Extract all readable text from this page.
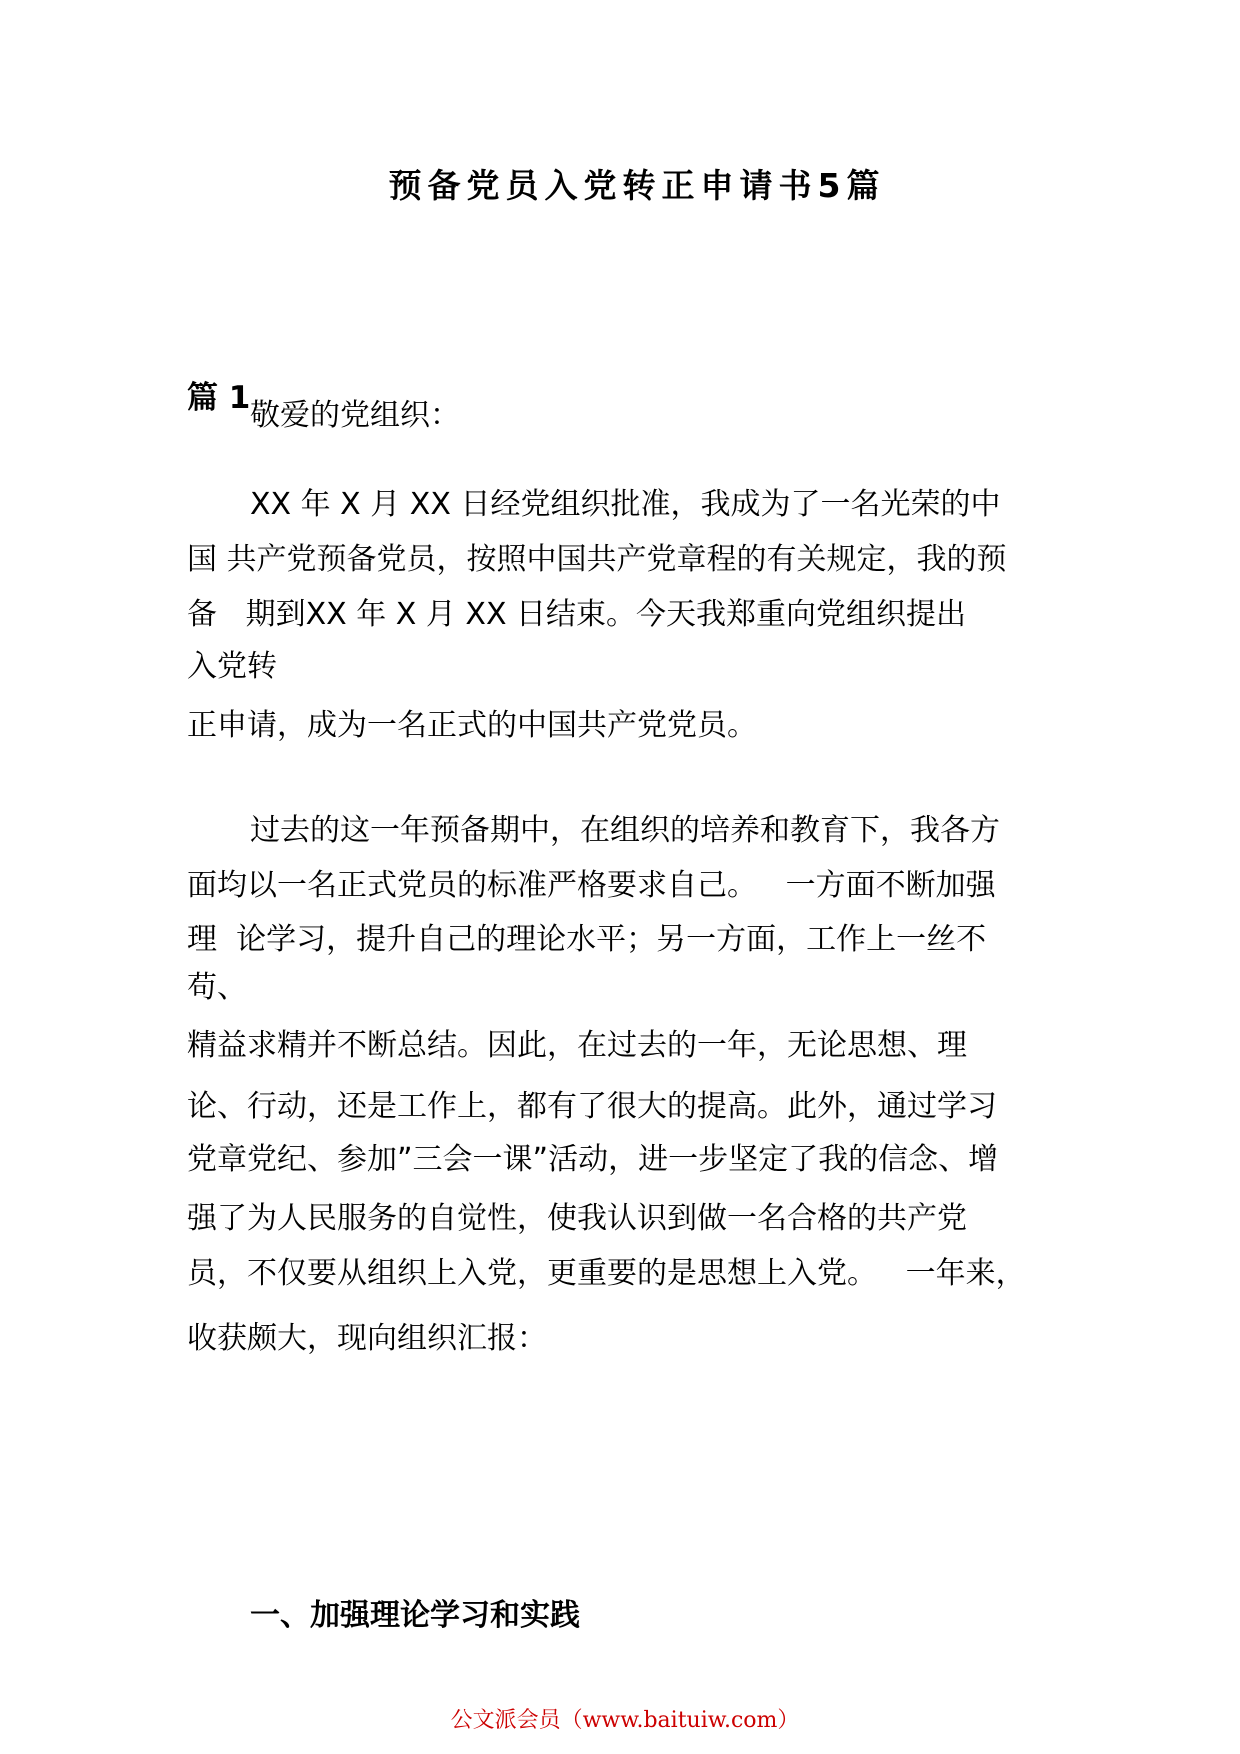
预备党员入党转正申请书5篇
篇 1 敬爱的党组织：
XX 年 X 月 XX 日经党组织批准，我成为了一名光荣的中
国 共产党预备党员，按照中国共产党章程的有关规定，我的预
备   期到XX 年 X 月 XX 日结束。今天我郑重向党组织提出
入党转
正申请，成为一名正式的中国共产党党员。
过去的这一年预备期中，在组织的培养和教育下，我各方
面均以一名正式党员的标准严格要求自己。   一方面不断加强
理  论学习，提升自己的理论水平；另一方面，工作上一丝不
苟、
精益求精并不断总结。因此，在过去的一年，无论思想、理
论、行动，还是工作上，都有了很大的提高。此外，通过学习
党章党纪、参加”三会一课”活动，进一步坚定了我的信念、增
强了为人民服务的自觉性，使我认识到做一名合格的共产党
员，不仅要从组织上入党，更重要的是思想上入党。   一年来，
收获颇大，现向组织汇报：
一、加强理论学习和实践
公文派会员（www.baituiw.com）
